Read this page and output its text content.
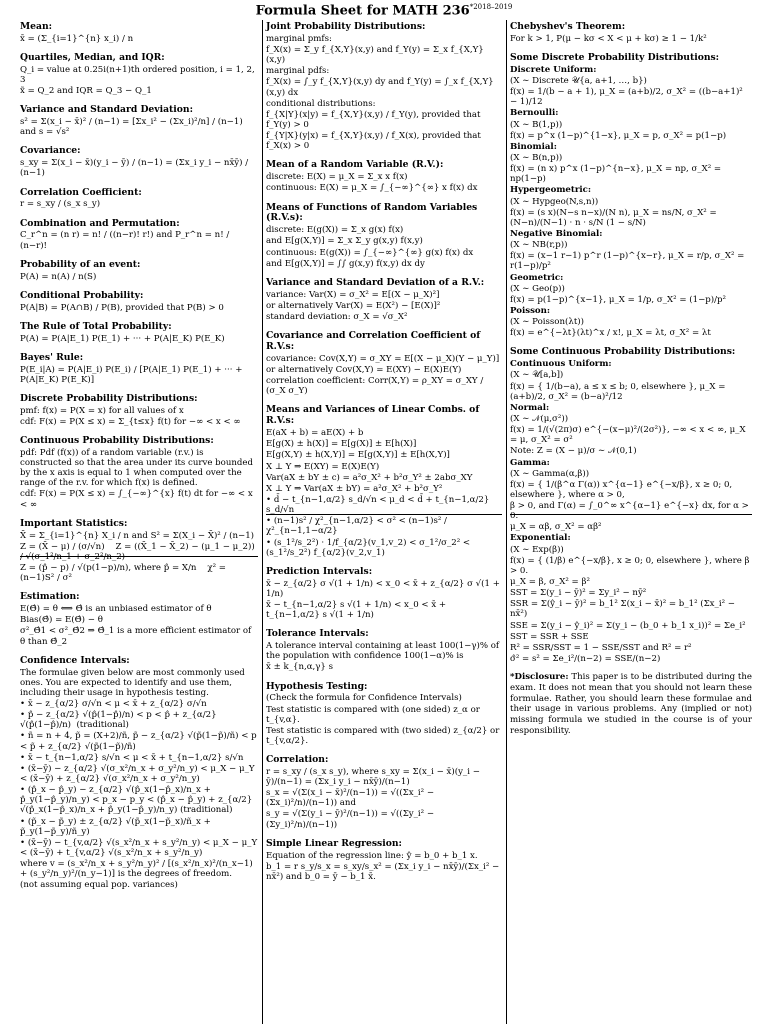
Formula Sheet for MATH $236^{*2018-2019}$
Mean:
x̄ = (Σ_{i=1}^{n} x_i) / n
Quartiles, Median, and IQR:
Q_i = value at 0.25i(n+1)th ordered position, i = 1, 2, 3
x̃ = Q_2 and IQR = Q_3 − Q_1
Variance and Standard Deviation:
s² = Σ(x_i − x̄)² / (n−1) = [Σx_i² − (Σx_i)²/n] / (n−1) and s = √s²
Covariance:
s_xy = Σ(x_i − x̄)(y_i − ȳ) / (n−1) = (Σx_i y_i − nx̄ȳ) / (n−1)
Correlation Coefficient:
r = s_xy / (s_x s_y)
Combination and Permutation:
C_r^n = (n r) = n! / ((n−r)! r!) and P_r^n = n! / (n−r)!
Probability of an event:
P(A) = n(A) / n(S)
Conditional Probability:
P(A|B) = P(A∩B) / P(B), provided that P(B) > 0
The Rule of Total Probability:
P(A) = P(A|E_1) P(E_1) + ··· + P(A|E_K) P(E_K)
Bayes' Rule:
P(E_i|A) = P(A|E_i) P(E_i) / [P(A|E_1) P(E_1) + ··· + P(A|E_K) P(E_K)]
Discrete Probability Distributions:
pmf: f(x) = P(X = x) for all values of x
cdf: F(x) = P(X ≤ x) = Σ_{t≤x} f(t) for −∞ < x < ∞
Continuous Probability Distributions:
pdf: Pdf (f(x)) of a random variable (r.v.) is constructed so that the area under its curve bounded by the x axis is equal to 1 when computed over the range of the r.v. for which f(x) is defined.
cdf: F(x) = P(X ≤ x) = ∫_{−∞}^{x} f(t) dt for −∞ < x < ∞
Important Statistics:
X̄ = Σ_{i=1}^{n} X_i / n and S² = Σ(X_i − X̄)² / (n−1)
Z = (X̄ − μ) / (σ/√n)    Z = ((X̄_1 − X̄_2) − (μ_1 − μ_2)) / √(σ_1²/n_1 + σ_2²/n_2)
Z = (p̂ − p) / √(p(1−p)/n), where p̂ = X/n    χ² = (n−1)S² / σ²
Estimation:
E(Θ̂) = θ ⟺ Θ̂ is an unbiased estimator of θ
Bias(Θ̂) = E(Θ̂) − θ
σ²_Θ̂1 < σ²_Θ̂2 ⇒ Θ̂_1 is a more efficient estimator of θ than Θ̂_2
Confidence Intervals:
The formulae given below are most commonly used ones. You are expected to identify and use them, including their usage in hypothesis testing.
• x̄ − z_{α/2} σ/√n < μ < x̄ + z_{α/2} σ/√n
• p̂ − z_{α/2} √(p̂(1−p̂)/n) < p < p̂ + z_{α/2} √(p̂(1−p̂)/n)  (traditional)
• ñ = n + 4, p̃ = (X+2)/ñ, p̃ − z_{α/2} √(p̃(1−p̃)/ñ) < p < p̃ + z_{α/2} √(p̃(1−p̃)/ñ)
• x̄ − t_{n−1,α/2} s/√n < μ < x̄ + t_{n−1,α/2} s/√n
• (x̄−ȳ) − z_{α/2} √(σ_x²/n_x + σ_y²/n_y) < μ_X − μ_Y < (x̄−ȳ) + z_{α/2} √(σ_x²/n_x + σ_y²/n_y)
• (p̂_x − p̂_y) − z_{α/2} √(p̂_x(1−p̂_x)/n_x + p̂_y(1−p̂_y)/n_y) < p_x − p_y < (p̂_x − p̂_y) + z_{α/2} √(p̂_x(1−p̂_x)/n_x + p̂_y(1−p̂_y)/n_y) (traditional)
• (p̃_x − p̃_y) ± z_{α/2} √(p̃_x(1−p̃_x)/ñ_x + p̃_y(1−p̃_y)/ñ_y)
• (x̄−ȳ) − t_{v,α/2} √(s_x²/n_x + s_y²/n_y) < μ_X − μ_Y < (x̄−ȳ) + t_{v,α/2} √(s_x²/n_x + s_y²/n_y)
where v = (s_x²/n_x + s_y²/n_y)² / [(s_x²/n_x)²/(n_x−1) + (s_y²/n_y)²/(n_y−1)] is the degrees of freedom.
(not assuming equal pop. variances)
Joint Probability Distributions:
marginal pmfs:
f_X(x) = Σ_y f_{X,Y}(x,y) and f_Y(y) = Σ_x f_{X,Y}(x,y)
marginal pdfs:
f_X(x) = ∫_y f_{X,Y}(x,y) dy and f_Y(y) = ∫_x f_{X,Y}(x,y) dx
conditional distributions:
f_{X|Y}(x|y) = f_{X,Y}(x,y) / f_Y(y), provided that f_Y(y) > 0
f_{Y|X}(y|x) = f_{X,Y}(x,y) / f_X(x), provided that f_X(x) > 0
Mean of a Random Variable (R.V.):
discrete: E(X) = μ_X = Σ_x x f(x)
continuous: E(X) = μ_X = ∫_{−∞}^{∞} x f(x) dx
Means of Functions of Random Variables (R.V.s):
discrete: E(g(X)) = Σ_x g(x) f(x)
and E[g(X,Y)] = Σ_x Σ_y g(x,y) f(x,y)
continuous: E(g(X)) = ∫_{−∞}^{∞} g(x) f(x) dx
and E[g(X,Y)] = ∫∫ g(x,y) f(x,y) dx dy
Variance and Standard Deviation of a R.V.:
variance: Var(X) = σ_X² = E[(X − μ_X)²]
or alternatively Var(X) = E(X²) − [E(X)]²
standard deviation: σ_X = √σ_X²
Covariance and Correlation Coefficient of R.V.s:
covariance: Cov(X,Y) = σ_XY = E[(X − μ_X)(Y − μ_Y)]
or alternatively Cov(X,Y) = E(XY) − E(X)E(Y)
correlation coefficient: Corr(X,Y) = ρ_XY = σ_XY / (σ_X σ_Y)
Means and Variances of Linear Combs. of R.V.s:
E(aX + b) = aE(X) + b
E[g(X) ± h(X)] = E[g(X)] ± E[h(X)]
E[g(X,Y) ± h(X,Y)] = E[g(X,Y)] ± E[h(X,Y)]
X ⊥ Y ⇒ E(XY) = E(X)E(Y)
Var(aX ± bY ± c) = a²σ_X² + b²σ_Y² ± 2abσ_XY
X ⊥ Y ⇒ Var(aX ± bY) = a²σ_X² + b²σ_Y²
• d̄ − t_{n−1,α/2} s_d/√n < μ_d < d̄ + t_{n−1,α/2} s_d/√n
• (n−1)s² / χ²_{n−1,α/2} < σ² < (n−1)s² / χ²_{n−1,1−α/2}
• (s_1²/s_2²) · 1/f_{α/2}(v_1,v_2) < σ_1²/σ_2² < (s_1²/s_2²) f_{α/2}(v_2,v_1)
Prediction Intervals:
x̄ − z_{α/2} σ √(1 + 1/n) < x_0 < x̄ + z_{α/2} σ √(1 + 1/n)
x̄ − t_{n−1,α/2} s √(1 + 1/n) < x_0 < x̄ + t_{n−1,α/2} s √(1 + 1/n)
Tolerance Intervals:
A tolerance interval containing at least 100(1−γ)% of the population with confidence 100(1−α)% is
x̄ ± k_{n,α,γ} s
Hypothesis Testing:
(Check the formula for Confidence Intervals)
Test statistic is compared with (one sided) z_α or t_{v,α}.
Test statistic is compared with (two sided) z_{α/2} or t_{v,α/2}.
Correlation:
r = s_xy / (s_x s_y), where s_xy = Σ(x_i − x̄)(y_i − ȳ)/(n−1) = (Σx_i y_i − nx̄ȳ)/(n−1)
s_x = √(Σ(x_i − x̄)²/(n−1)) = √((Σx_i² − (Σx_i)²/n)/(n−1)) and
s_y = √(Σ(y_i − ȳ)²/(n−1)) = √((Σy_i² − (Σy_i)²/n)/(n−1))
Simple Linear Regression:
Equation of the regression line: ŷ = b_0 + b_1 x.
b_1 = r s_y/s_x = s_xy/s_x² = (Σx_i y_i − nx̄ȳ)/(Σx_i² − nx̄²) and b_0 = ȳ − b_1 x̄.
Chebyshev's Theorem:
For k > 1, P(μ − kσ < X < μ + kσ) ≥ 1 − 1/k²
Some Discrete Probability Distributions:
Discrete Uniform:
(X ∼ Discrete 𝒰{a, a+1, …, b})
f(x) = 1/(b − a + 1), μ_X = (a+b)/2, σ_X² = ((b−a+1)² − 1)/12
Bernoulli:
(X ∼ B(1,p))
f(x) = p^x (1−p)^{1−x}, μ_X = p, σ_X² = p(1−p)
Binomial:
(X ∼ B(n,p))
f(x) = (n x) p^x (1−p)^{n−x}, μ_X = np, σ_X² = np(1−p)
Hypergeometric:
(X ∼ Hypgeo(N,s,n))
f(x) = (s x)(N−s n−x)/(N n), μ_X = ns/N, σ_X² = (N−n)/(N−1) · n · s/N (1 − s/N)
Negative Binomial:
(X ∼ NB(r,p))
f(x) = (x−1 r−1) p^r (1−p)^{x−r}, μ_X = r/p, σ_X² = r(1−p)/p²
Geometric:
(X ∼ Geo(p))
f(x) = p(1−p)^{x−1}, μ_X = 1/p, σ_X² = (1−p)/p²
Poisson:
(X ∼ Poisson(λt))
f(x) = e^{−λt}(λt)^x / x!, μ_X = λt, σ_X² = λt
Some Continuous Probability Distributions:
Continuous Uniform:
(X ∼ 𝒰[a,b])
f(x) = { 1/(b−a), a ≤ x ≤ b; 0, elsewhere }, μ_X = (a+b)/2, σ_X² = (b−a)²/12
Normal:
(X ∼ 𝒩(μ,σ²))
f(x) = 1/(√(2π)σ) e^{−(x−μ)²/(2σ²)}, −∞ < x < ∞, μ_X = μ, σ_X² = σ²
Note: Z = (X − μ)/σ ∼ 𝒩(0,1)
Gamma:
(X ∼ Gamma(α,β))
f(x) = { 1/(β^α Γ(α)) x^{α−1} e^{−x/β}, x ≥ 0; 0, elsewhere }, where α > 0,
β > 0, and Γ(α) = ∫_0^∞ x^{α−1} e^{−x} dx, for α > 0.
μ_X = αβ, σ_X² = αβ²
Exponential:
(X ∼ Exp(β))
f(x) = { (1/β) e^{−x/β}, x ≥ 0; 0, elsewhere }, where β > 0.
μ_X = β, σ_X² = β²
SST = Σ(y_i − ȳ)² = Σy_i² − nȳ²
SSR = Σ(ŷ_i − ȳ)² = b_1² Σ(x_i − x̄)² = b_1² (Σx_i² − nx̄²)
SSE = Σ(y_i − ŷ_i)² = Σ(y_i − (b_0 + b_1 x_i))² = Σe_i²
SST = SSR + SSE
R² = SSR/SST = 1 − SSE/SST and R² = r²
σ̂² = s² = Σe_i²/(n−2) = SSE/(n−2)
*Disclosure: This paper is to be distributed during the exam. It does not mean that you should not learn these formulae. Rather, you should learn these formulae and their usage in various problems. Any (implied or not) missing formula we studied in the course is of your responsibility.
